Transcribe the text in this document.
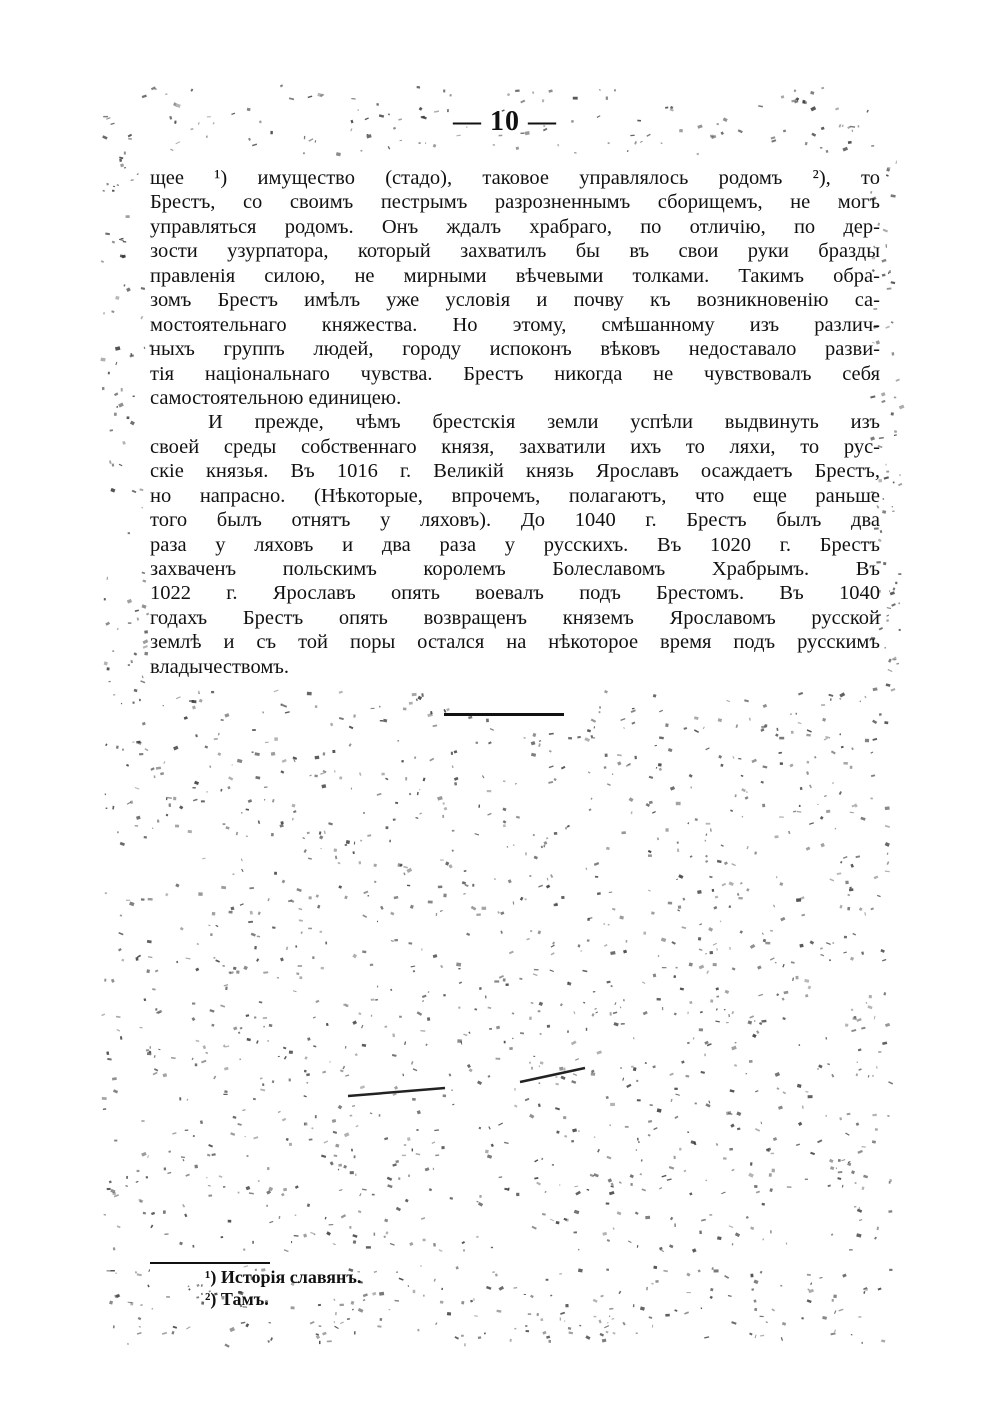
— 10 —
щее ¹) имущество (стадо), таковое управлялось родомъ ²), то
Брестъ, со своимъ пестрымъ разрозненнымъ сборищемъ, не могъ
управляться родомъ. Онъ ждалъ храбраго, по отличію, по дер-
зости узурпатора, который захватилъ бы въ свои руки бразды
правленія силою, не мирными вѣчевыми толками. Такимъ обра-
зомъ Брестъ имѣлъ уже условія и почву къ возникновенію са-
мостоятельнаго княжества. Но этому, смѣшанному изъ различ-
ныхъ группъ людей, городу испоконъ вѣковъ недоставало разви-
тія національнаго чувства. Брестъ никогда не чувствовалъ себя
самостоятельною единицею.
И прежде, чѣмъ брестскія земли успѣли выдвинуть изъ
своей среды собственнаго князя, захватили ихъ то ляхи, то рус-
скіе князья. Въ 1016 г. Великій князь Ярославъ осаждаетъ Брестъ,
но напрасно. (Нѣкоторые, впрочемъ, полагаютъ, что еще раньше
того былъ отнятъ у ляховъ). До 1040 г. Брестъ былъ два
раза у ляховъ и два раза у русскихъ. Въ 1020 г. Брестъ
захваченъ польскимъ королемъ Болеславомъ Храбрымъ. Въ
1022 г. Ярославъ опять воевалъ подъ Брестомъ. Въ 1040
годахъ Брестъ опять возвращенъ княземъ Ярославомъ русской
землѣ и съ той поры остался на нѣкоторое время подъ русскимъ
владычествомъ.
¹) Исторія славянъ.
²) Тамъ.
